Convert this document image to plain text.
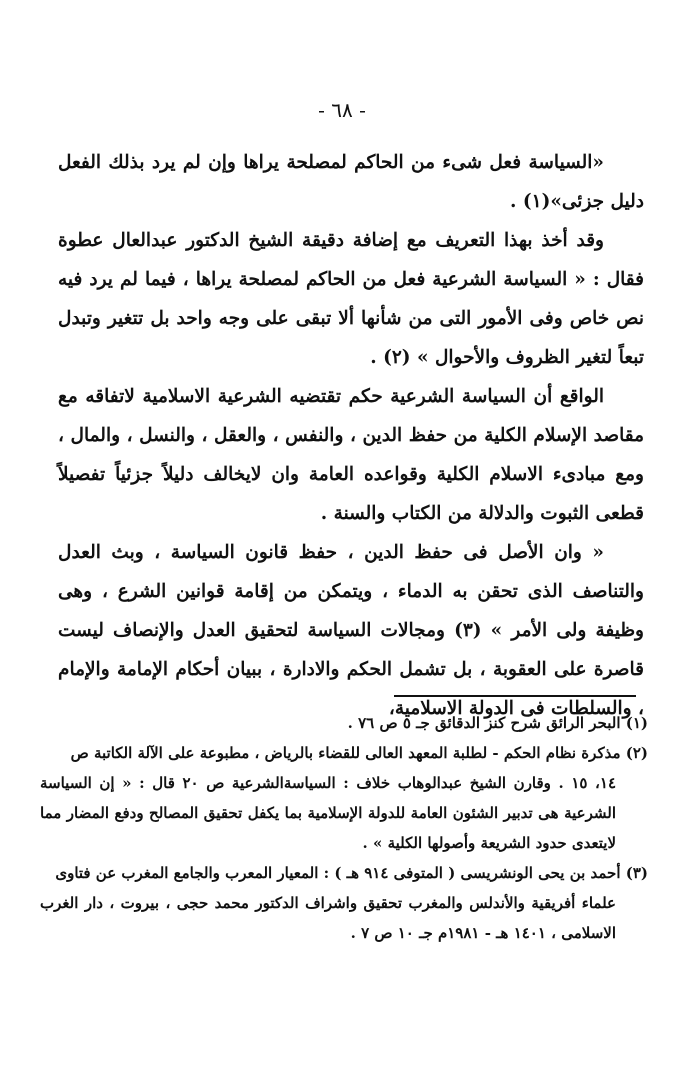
- ٦٨ -

«السياسة فعل شىء من الحاكم لمصلحة يراها وإن لم يرد بذلك الفعل دليل جزئى»(١) .

وقد أخذ بهذا التعريف مع إضافة دقيقة الشيخ الدكتور عبدالعال عطوة فقال : « السياسة الشرعية فعل من الحاكم لمصلحة يراها ، فيما لم يرد فيه نص خاص وفى الأمور التى من شأنها ألا تبقى على وجه واحد بل تتغير وتبدل تبعاً لتغير الظروف والأحوال » (٢) .

الواقع أن السياسة الشرعية حكم تقتضيه الشرعية الاسلامية لاتفاقه مع مقاصد الإسلام الكلية من حفظ الدين ، والنفس ، والعقل ، والنسل ، والمال ، ومع مبادىء الاسلام الكلية وقواعده العامة وان لايخالف دليلاً جزئياً تفصيلاً قطعى الثبوت والدلالة من الكتاب والسنة .

« وان الأصل فى حفظ الدين ، حفظ قانون السياسة ، وبث العدل والتناصف الذى تحقن به الدماء ، ويتمكن من إقامة قوانين الشرع ، وهى وظيفة ولى الأمر » (٣) ومجالات السياسة لتحقيق العدل والإنصاف ليست قاصرة على العقوبة ، بل تشمل الحكم والادارة ، ببيان أحكام الإمامة والإمام ، والسلطات فى الدولة الاسلامية،

(١) البحر الرائق شرح كنز الدقائق جـ ٥ ص ٧٦ .

(٢) مذكرة نظام الحكم - لطلبة المعهد العالى للقضاء بالرياض ، مطبوعة على الآلة الكاتبة ص

١٤، ١٥ . وقارن الشيخ عبدالوهاب خلاف : السياسةالشرعية ص ٢٠ قال : « إن السياسة الشرعية هى تدبير الشئون العامة للدولة الإسلامية بما يكفل تحقيق المصالح ودفع المضار مما لايتعدى حدود الشريعة وأصولها الكلية » .

(٣) أحمد بن يحى الونشريسى ( المتوفى ٩١٤ هـ ) : المعيار المعرب والجامع المغرب عن فتاوى

علماء أفريقية والأندلس والمغرب تحقيق واشراف الدكتور محمد حجى ، بيروت ، دار الغرب الاسلامى ، ١٤٠١ هـ - ١٩٨١م جـ ١٠ ص ٧ .
